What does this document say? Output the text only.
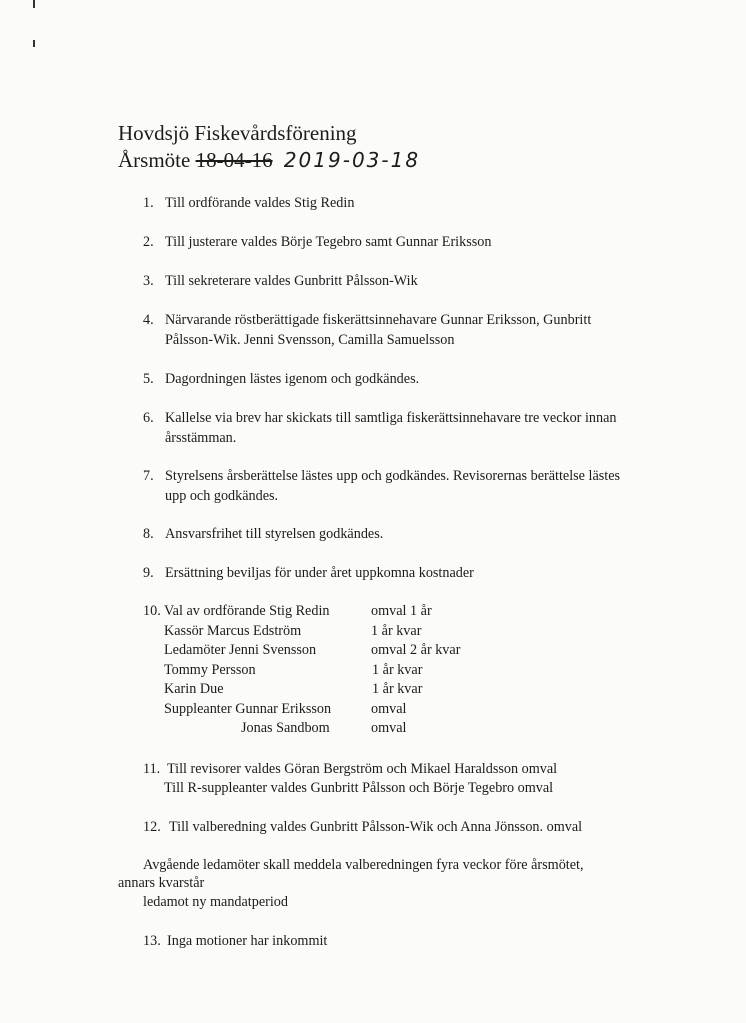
Hovdsjö Fiskevårdsförening
Årsmöte 18-04-16 2019-03-18
1. Till ordförande valdes Stig Redin
2. Till justerare valdes Börje Tegebro samt Gunnar Eriksson
3. Till sekreterare valdes Gunbritt Pålsson-Wik
4. Närvarande röstberättigade fiskerättsinnehavare Gunnar Eriksson, Gunbritt
Pålsson-Wik. Jenni Svensson, Camilla Samuelsson
5. Dagordningen lästes igenom och godkändes.
6. Kallelse via brev har skickats till samtliga fiskerättsinnehavare tre veckor innan
årsstämman.
7. Styrelsens årsberättelse lästes upp och godkändes. Revisorernas berättelse lästes
upp och godkändes.
8. Ansvarsfrihet till styrelsen godkändes.
9. Ersättning beviljas för under året uppkomna kostnader
10. Val av ordförande Stig Redin	omval 1 år
Kassör Marcus Edström	1 år kvar
Ledamöter Jenni Svensson	omval 2 år kvar
Tommy Persson	1 år kvar
Karin Due	1 år kvar
Suppleanter Gunnar Eriksson	omval
Jonas Sandbom	omval
11. Till revisorer valdes Göran Bergström och Mikael Haraldsson omval
Till R-suppleanter valdes Gunbritt Pålsson och Börje Tegebro omval
12. Till valberedning valdes Gunbritt Pålsson-Wik och Anna Jönsson. omval
Avgående ledamöter skall meddela valberedningen fyra veckor före årsmötet,
annars kvarstår
ledamot ny mandatperiod
13. Inga motioner har inkommit
